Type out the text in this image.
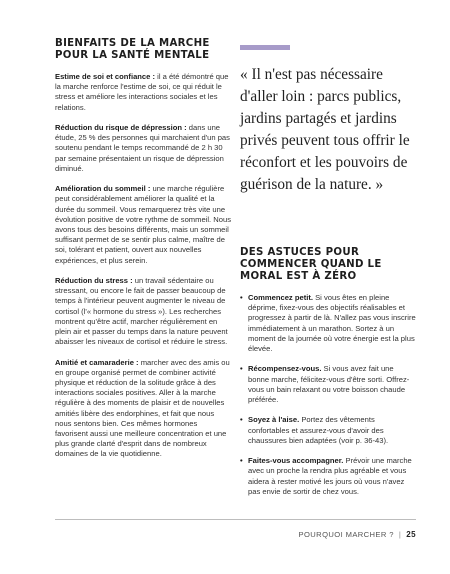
BIENFAITS DE LA MARCHE POUR LA SANTÉ MENTALE

Estime de soi et confiance : il a été démontré que la marche renforce l'estime de soi, ce qui réduit le stress et améliore les interactions sociales et les relations.

Réduction du risque de dépression : dans une étude, 25 % des personnes qui marchaient d'un pas soutenu pendant le temps recommandé de 2 h 30 par semaine présentaient un risque de dépression diminué.

Amélioration du sommeil : une marche régulière peut considérablement améliorer la qualité et la durée du sommeil. Vous remarquerez très vite une évolution positive de votre rythme de sommeil. Nous avons tous des besoins différents, mais un sommeil suffisant permet de se sentir plus calme, maître de soi, tolérant et patient, ouvert aux nouvelles expériences, et plus serein.

Réduction du stress : un travail sédentaire ou stressant, ou encore le fait de passer beaucoup de temps à l'intérieur peuvent augmenter le niveau de cortisol (l'« hormone du stress »). Les recherches montrent qu'être actif, marcher régulièrement en plein air et passer du temps dans la nature peuvent abaisser les niveaux de cortisol et réduire le stress.

Amitié et camaraderie : marcher avec des amis ou en groupe organisé permet de combiner activité physique et réduction de la solitude grâce à des interactions sociales positives. Aller à la marche régulière à des moments de plaisir et de nouvelles amitiés libère des endorphines, et fait que nous nous sentons bien. Ces mêmes hormones favorisent aussi une meilleure concentration et une plus grande clarté d'esprit dans de nombreux domaines de la vie quotidienne.

« Il n'est pas nécessaire d'aller loin : parcs publics, jardins partagés et jardins privés peuvent tous offrir le réconfort et les pouvoirs de guérison de la nature. »

DES ASTUCES POUR COMMENCER QUAND LE MORAL EST À ZÉRO
• Commencez petit. Si vous êtes en pleine déprime, fixez-vous des objectifs réalisables et progressez à partir de là. N'allez pas vous inscrire immédiatement à un marathon. Sortez à un moment de la journée où votre énergie est la plus élevée.
• Récompensez-vous. Si vous avez fait une bonne marche, félicitez-vous d'être sorti. Offrez-vous un bain relaxant ou votre boisson chaude préférée.
• Soyez à l'aise. Portez des vêtements confortables et assurez-vous d'avoir des chaussures bien adaptées (voir p. 36-43).
• Faites-vous accompagner. Prévoir une marche avec un proche la rendra plus agréable et vous aidera à rester motivé les jours où vous n'avez pas envie de sortir de chez vous.
POURQUOI MARCHER ? | 25
